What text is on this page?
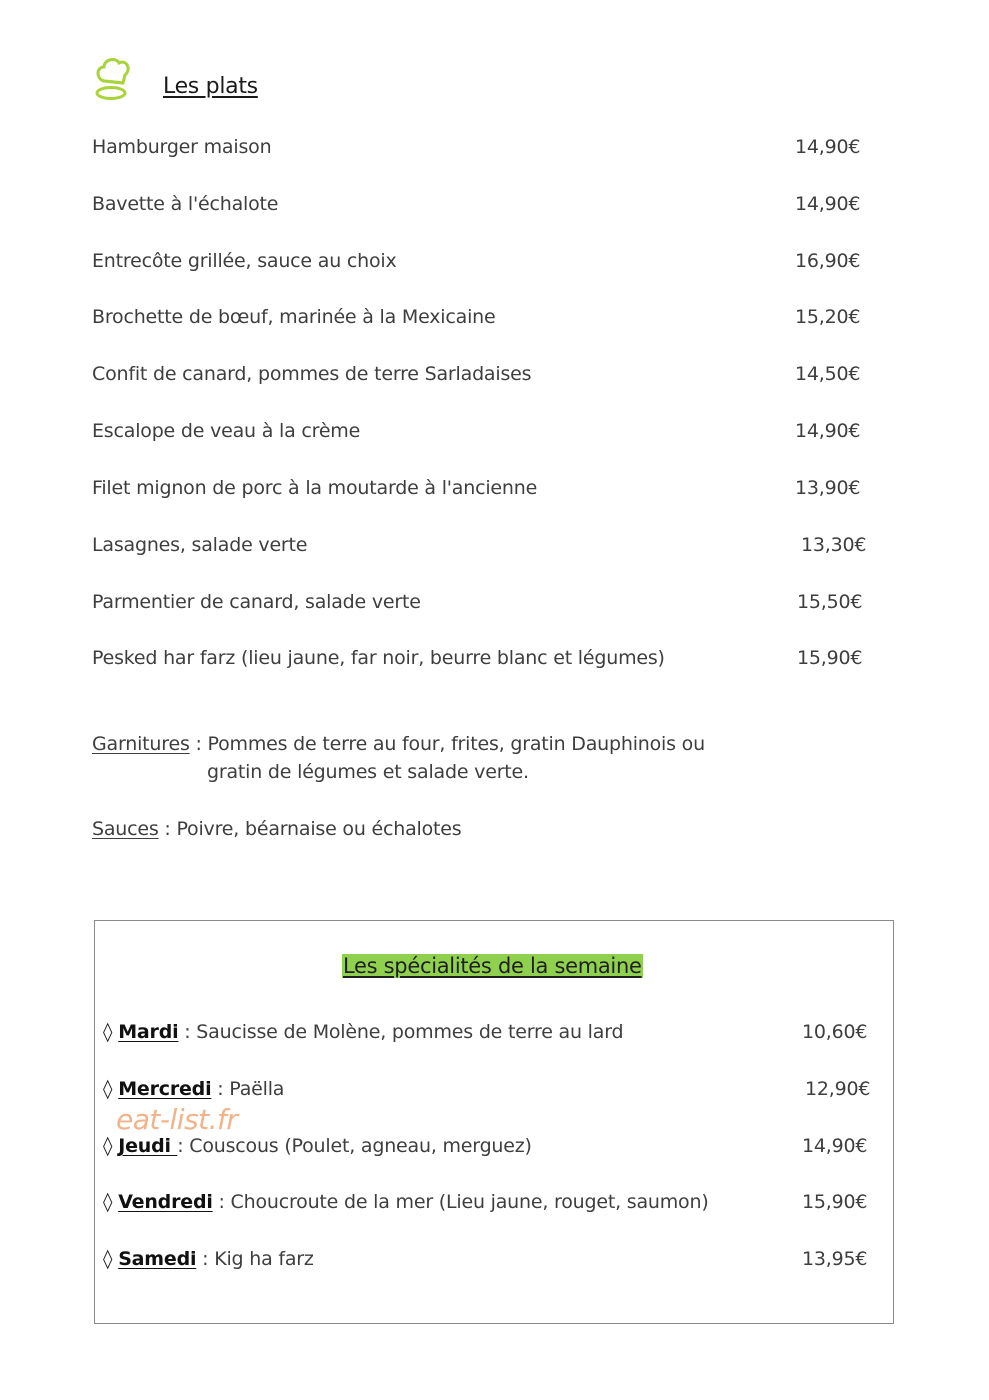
Les plats
Hamburger maison	14,90€
Bavette à l'échalote	14,90€
Entrecôte grillée, sauce au choix	16,90€
Brochette de bœuf, marinée à la Mexicaine	15,20€
Confit de canard, pommes de terre Sarladaises	14,50€
Escalope de veau à la crème	14,90€
Filet mignon de porc à la moutarde à l'ancienne	13,90€
Lasagnes, salade verte	13,30€
Parmentier de canard, salade verte	15,50€
Pesked har farz (lieu jaune, far noir, beurre blanc et légumes)	15,90€
Garnitures : Pommes de terre au four, frites, gratin Dauphinois ou
gratin de légumes et salade verte.
Sauces : Poivre, béarnaise ou échalotes
Les spécialités de la semaine
◊ Mardi : Saucisse de Molène, pommes de terre au lard	10,60€
◊ Mercredi : Paëlla	12,90€
eat-list.fr
◊ Jeudi : Couscous (Poulet, agneau, merguez)	14,90€
◊ Vendredi : Choucroute de la mer (Lieu jaune, rouget, saumon)	15,90€
◊ Samedi : Kig ha farz	13,95€
